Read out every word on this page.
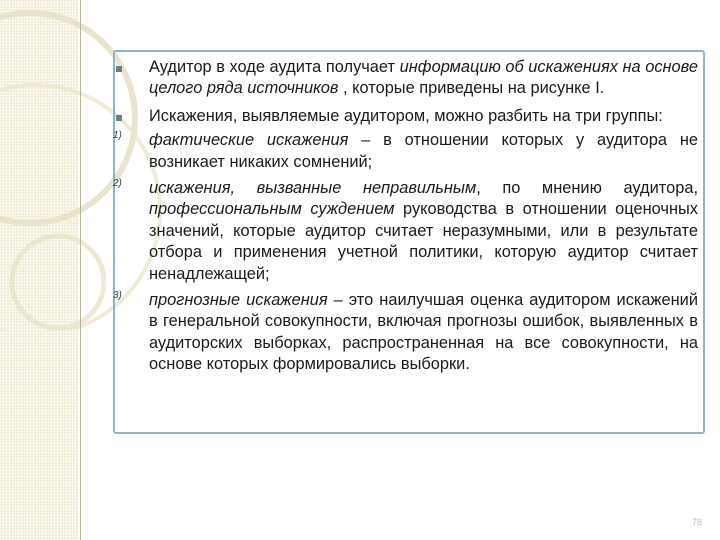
Аудитор в ходе аудита получает информацию об искажениях на основе целого ряда источников , которые приведены на рисунке I.
Искажения, выявляемые аудитором, можно разбить на три группы:
1) фактические искажения – в отношении которых у аудитора не возникает никаких сомнений;
2) искажения, вызванные неправильным, по мнению аудитора, профессиональным суждением руководства в отношении оценочных значений, которые аудитор считает неразумными, или в результате отбора и применения учетной политики, которую аудитор считает ненадлежащей;
3) прогнозные искажения – это наилучшая оценка аудитором искажений в генеральной совокупности, включая прогнозы ошибок, выявленных в аудиторских выборках, распространенная на все совокупности, на основе которых формировались выборки.
78
